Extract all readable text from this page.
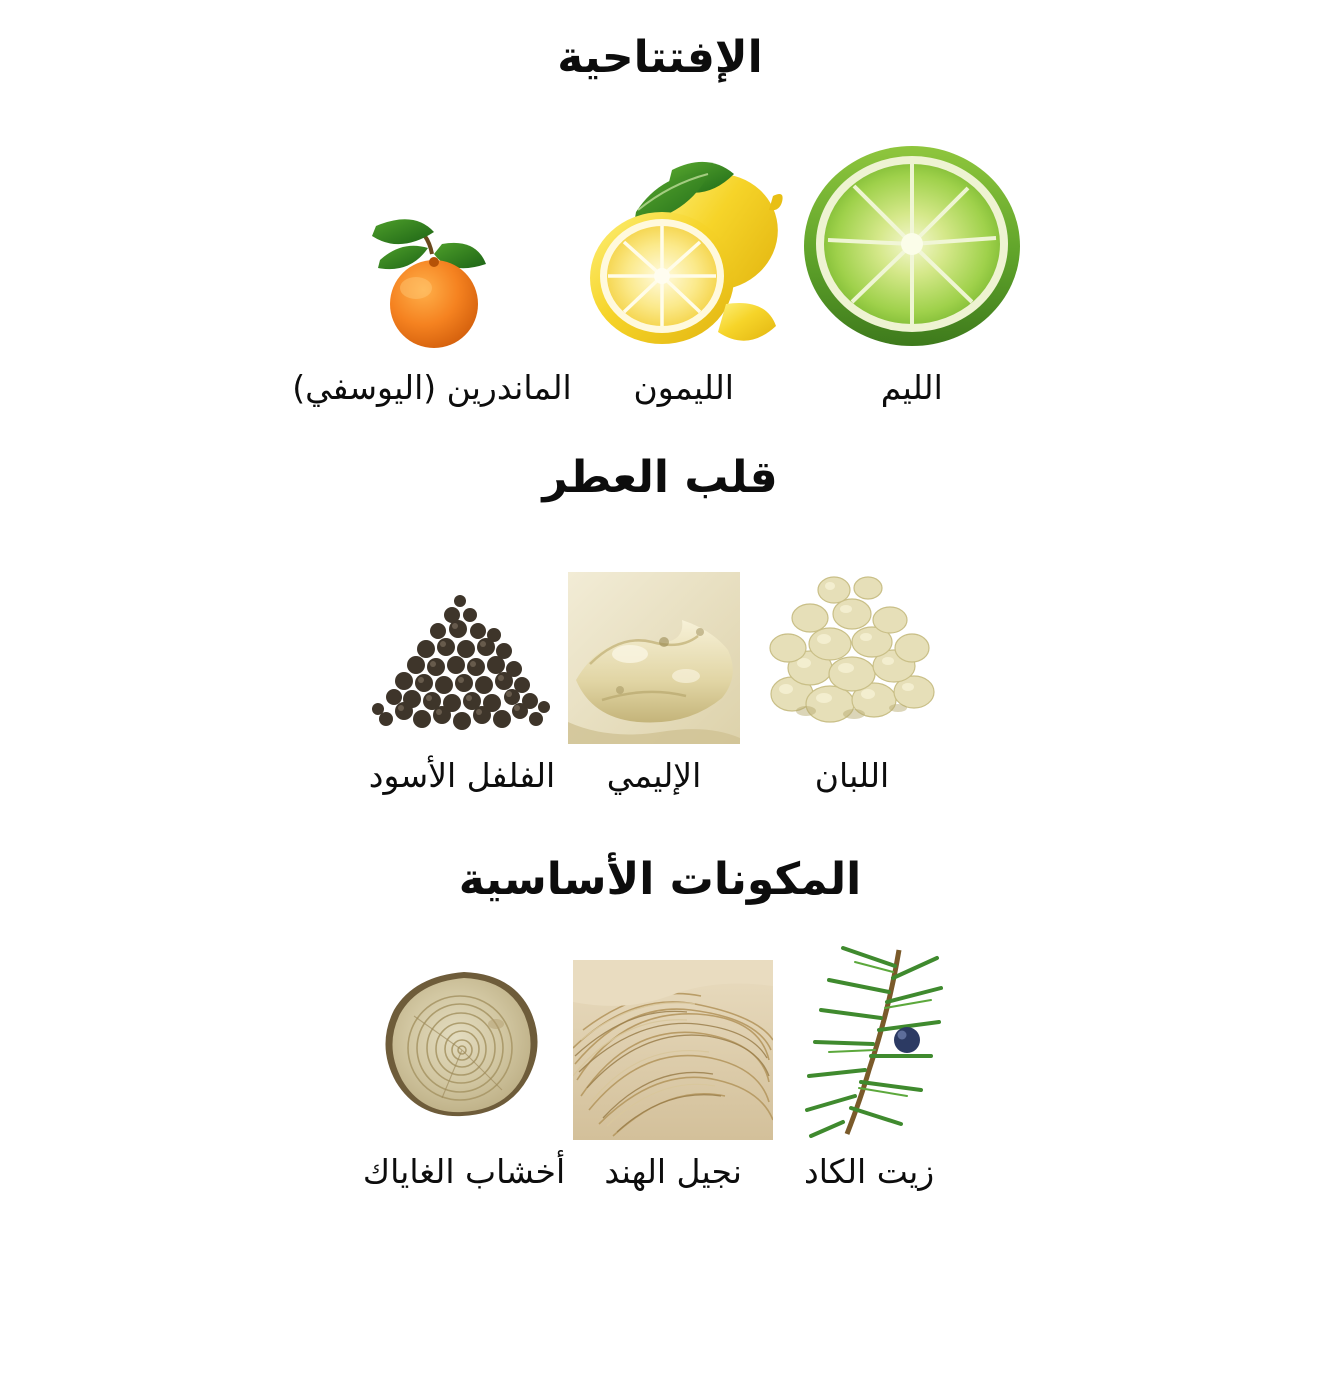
الإفتتاحية
الليم
الليمون
الماندرين (اليوسفي)
قلب العطر
اللبان
الإليمي
الفلفل الأسود
المكونات الأساسية
زيت الكاد
نجيل الهند
أخشاب الغاياك
